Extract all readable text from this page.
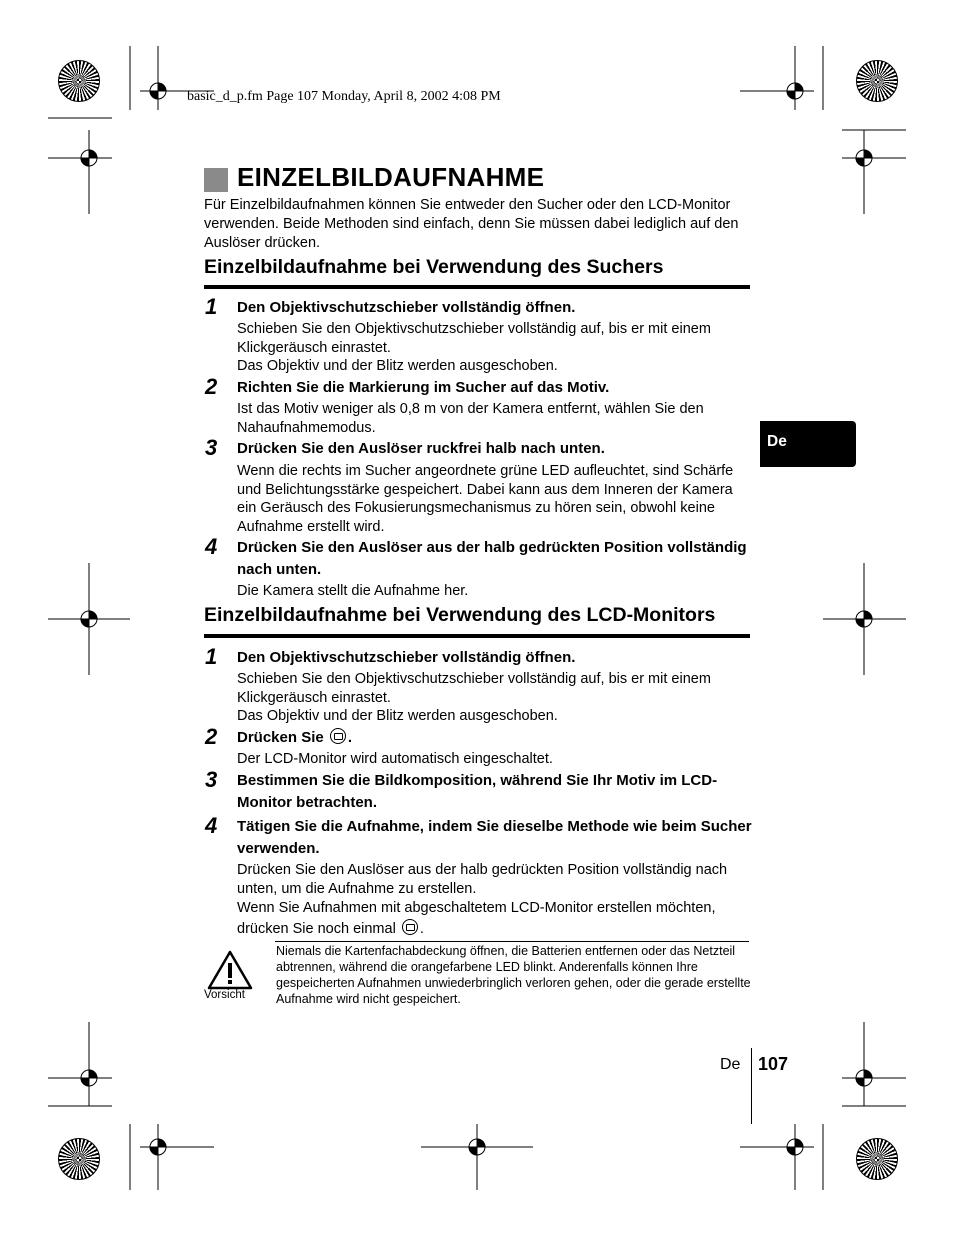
basic_d_p.fm Page 107 Monday, April 8, 2002 4:08 PM
EINZELBILDAUFNAHME
Für Einzelbildaufnahmen können Sie entweder den Sucher oder den LCD-Monitor verwenden. Beide Methoden sind einfach, denn Sie müssen dabei lediglich auf den Auslöser drücken.
Einzelbildaufnahme bei Verwendung des Suchers
1 Den Objektivschutzschieber vollständig öffnen.
Schieben Sie den Objektivschutzschieber vollständig auf, bis er mit einem Klickgeräusch einrastet.
Das Objektiv und der Blitz werden ausgeschoben.
2 Richten Sie die Markierung im Sucher auf das Motiv.
Ist das Motiv weniger als 0,8 m von der Kamera entfernt, wählen Sie den Nahaufnahmemodus.
3 Drücken Sie den Auslöser ruckfrei halb nach unten.
Wenn die rechts im Sucher angeordnete grüne LED aufleuchtet, sind Schärfe und Belichtungsstärke gespeichert. Dabei kann aus dem Inneren der Kamera ein Geräusch des Fokusierungsmechanismus zu hören sein, obwohl keine Aufnahme erstellt wird.
4 Drücken Sie den Auslöser aus der halb gedrückten Position vollständig nach unten.
Die Kamera stellt die Aufnahme her.
Einzelbildaufnahme bei Verwendung des LCD-Monitors
1 Den Objektivschutzschieber vollständig öffnen.
Schieben Sie den Objektivschutzschieber vollständig auf, bis er mit einem Klickgeräusch einrastet.
Das Objektiv und der Blitz werden ausgeschoben.
2 Drücken Sie .
Der LCD-Monitor wird automatisch eingeschaltet.
3 Bestimmen Sie die Bildkomposition, während Sie Ihr Motiv im LCD-Monitor betrachten.
4 Tätigen Sie die Aufnahme, indem Sie dieselbe Methode wie beim Sucher verwenden.
Drücken Sie den Auslöser aus der halb gedrückten Position vollständig nach unten, um die Aufnahme zu erstellen.
Wenn Sie Aufnahmen mit abgeschaltetem LCD-Monitor erstellen möchten, drücken Sie noch einmal .
Vorsicht
Niemals die Kartenfachabdeckung öffnen, die Batterien entfernen oder das Netzteil abtrennen, während die orangefarbene LED blinkt. Anderenfalls können Ihre gespeicherten Aufnahmen unwiederbringlich verloren gehen, oder die gerade erstellte Aufnahme wird nicht gespeichert.
De
De 107
